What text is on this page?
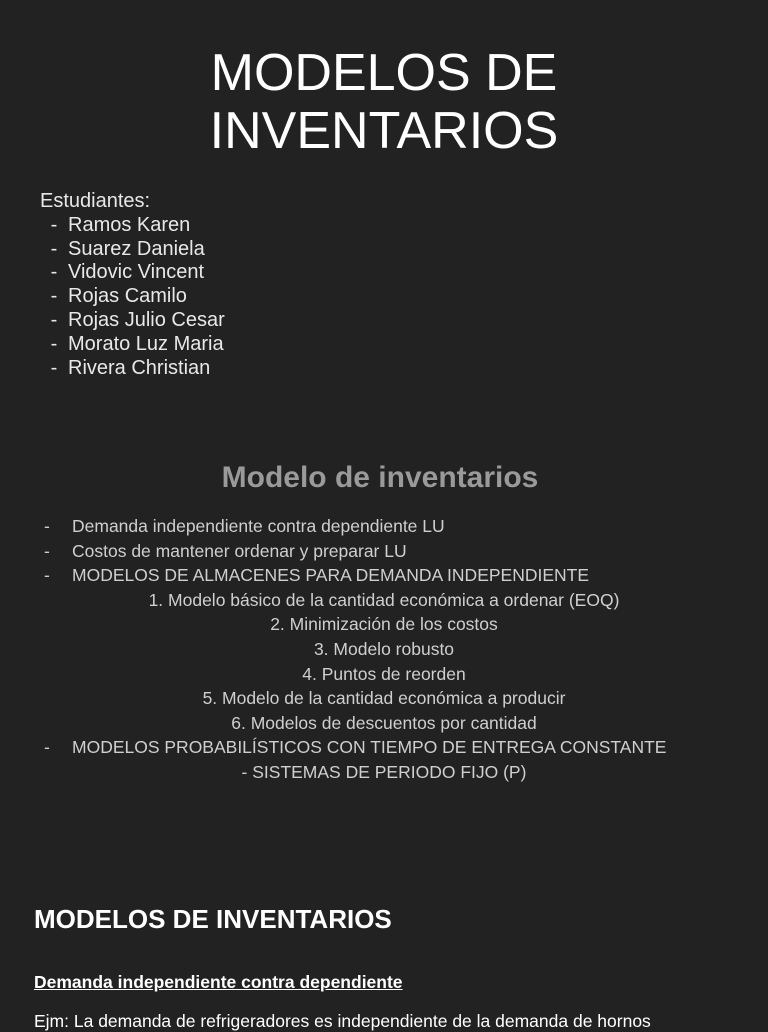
MODELOS DE
INVENTARIOS
Estudiantes:
- Ramos Karen
- Suarez Daniela
- Vidovic Vincent
- Rojas Camilo
- Rojas Julio Cesar
- Morato Luz Maria
- Rivera Christian
Modelo de inventarios
- Demanda independiente contra dependiente LU
- Costos de mantener ordenar y preparar LU
- MODELOS DE ALMACENES PARA DEMANDA INDEPENDIENTE
1. Modelo básico de la cantidad económica a ordenar (EOQ)
2. Minimización de los costos
3. Modelo robusto
4. Puntos de reorden
5. Modelo de la cantidad económica a producir
6. Modelos de descuentos por cantidad
- MODELOS PROBABILÍSTICOS CON TIEMPO DE ENTREGA CONSTANTE
- SISTEMAS DE PERIODO FIJO (P)
MODELOS DE INVENTARIOS
Demanda independiente contra dependiente
Ejm: La demanda de refrigeradores es independiente de la demanda de hornos
